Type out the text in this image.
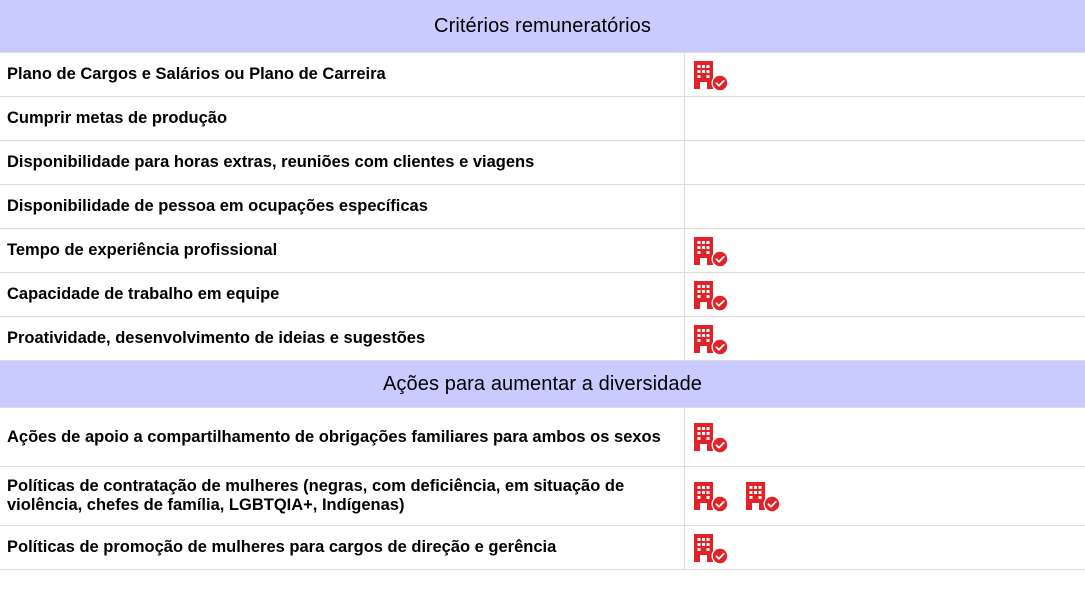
Critérios remuneratórios	
Plano de Cargos e Salários ou Plano de Carreira	

Cumprir metas de produção	
Disponibilidade para horas extras, reuniões com clientes e viagens	
Disponibilidade de pessoa em ocupações específicas	
Tempo de experiência profissional	

Capacidade de trabalho em equipe	

Proatividade, desenvolvimento de ideias e sugestões	

Ações para aumentar a diversidade	
Ações de apoio a compartilhamento de obrigações familiares para ambos os sexos	

Políticas de contratação de mulheres (negras, com deficiência, em situação de violência, chefes de família, LGBTQIA+, Indígenas)	

Políticas de promoção de mulheres para cargos de direção e gerência	
